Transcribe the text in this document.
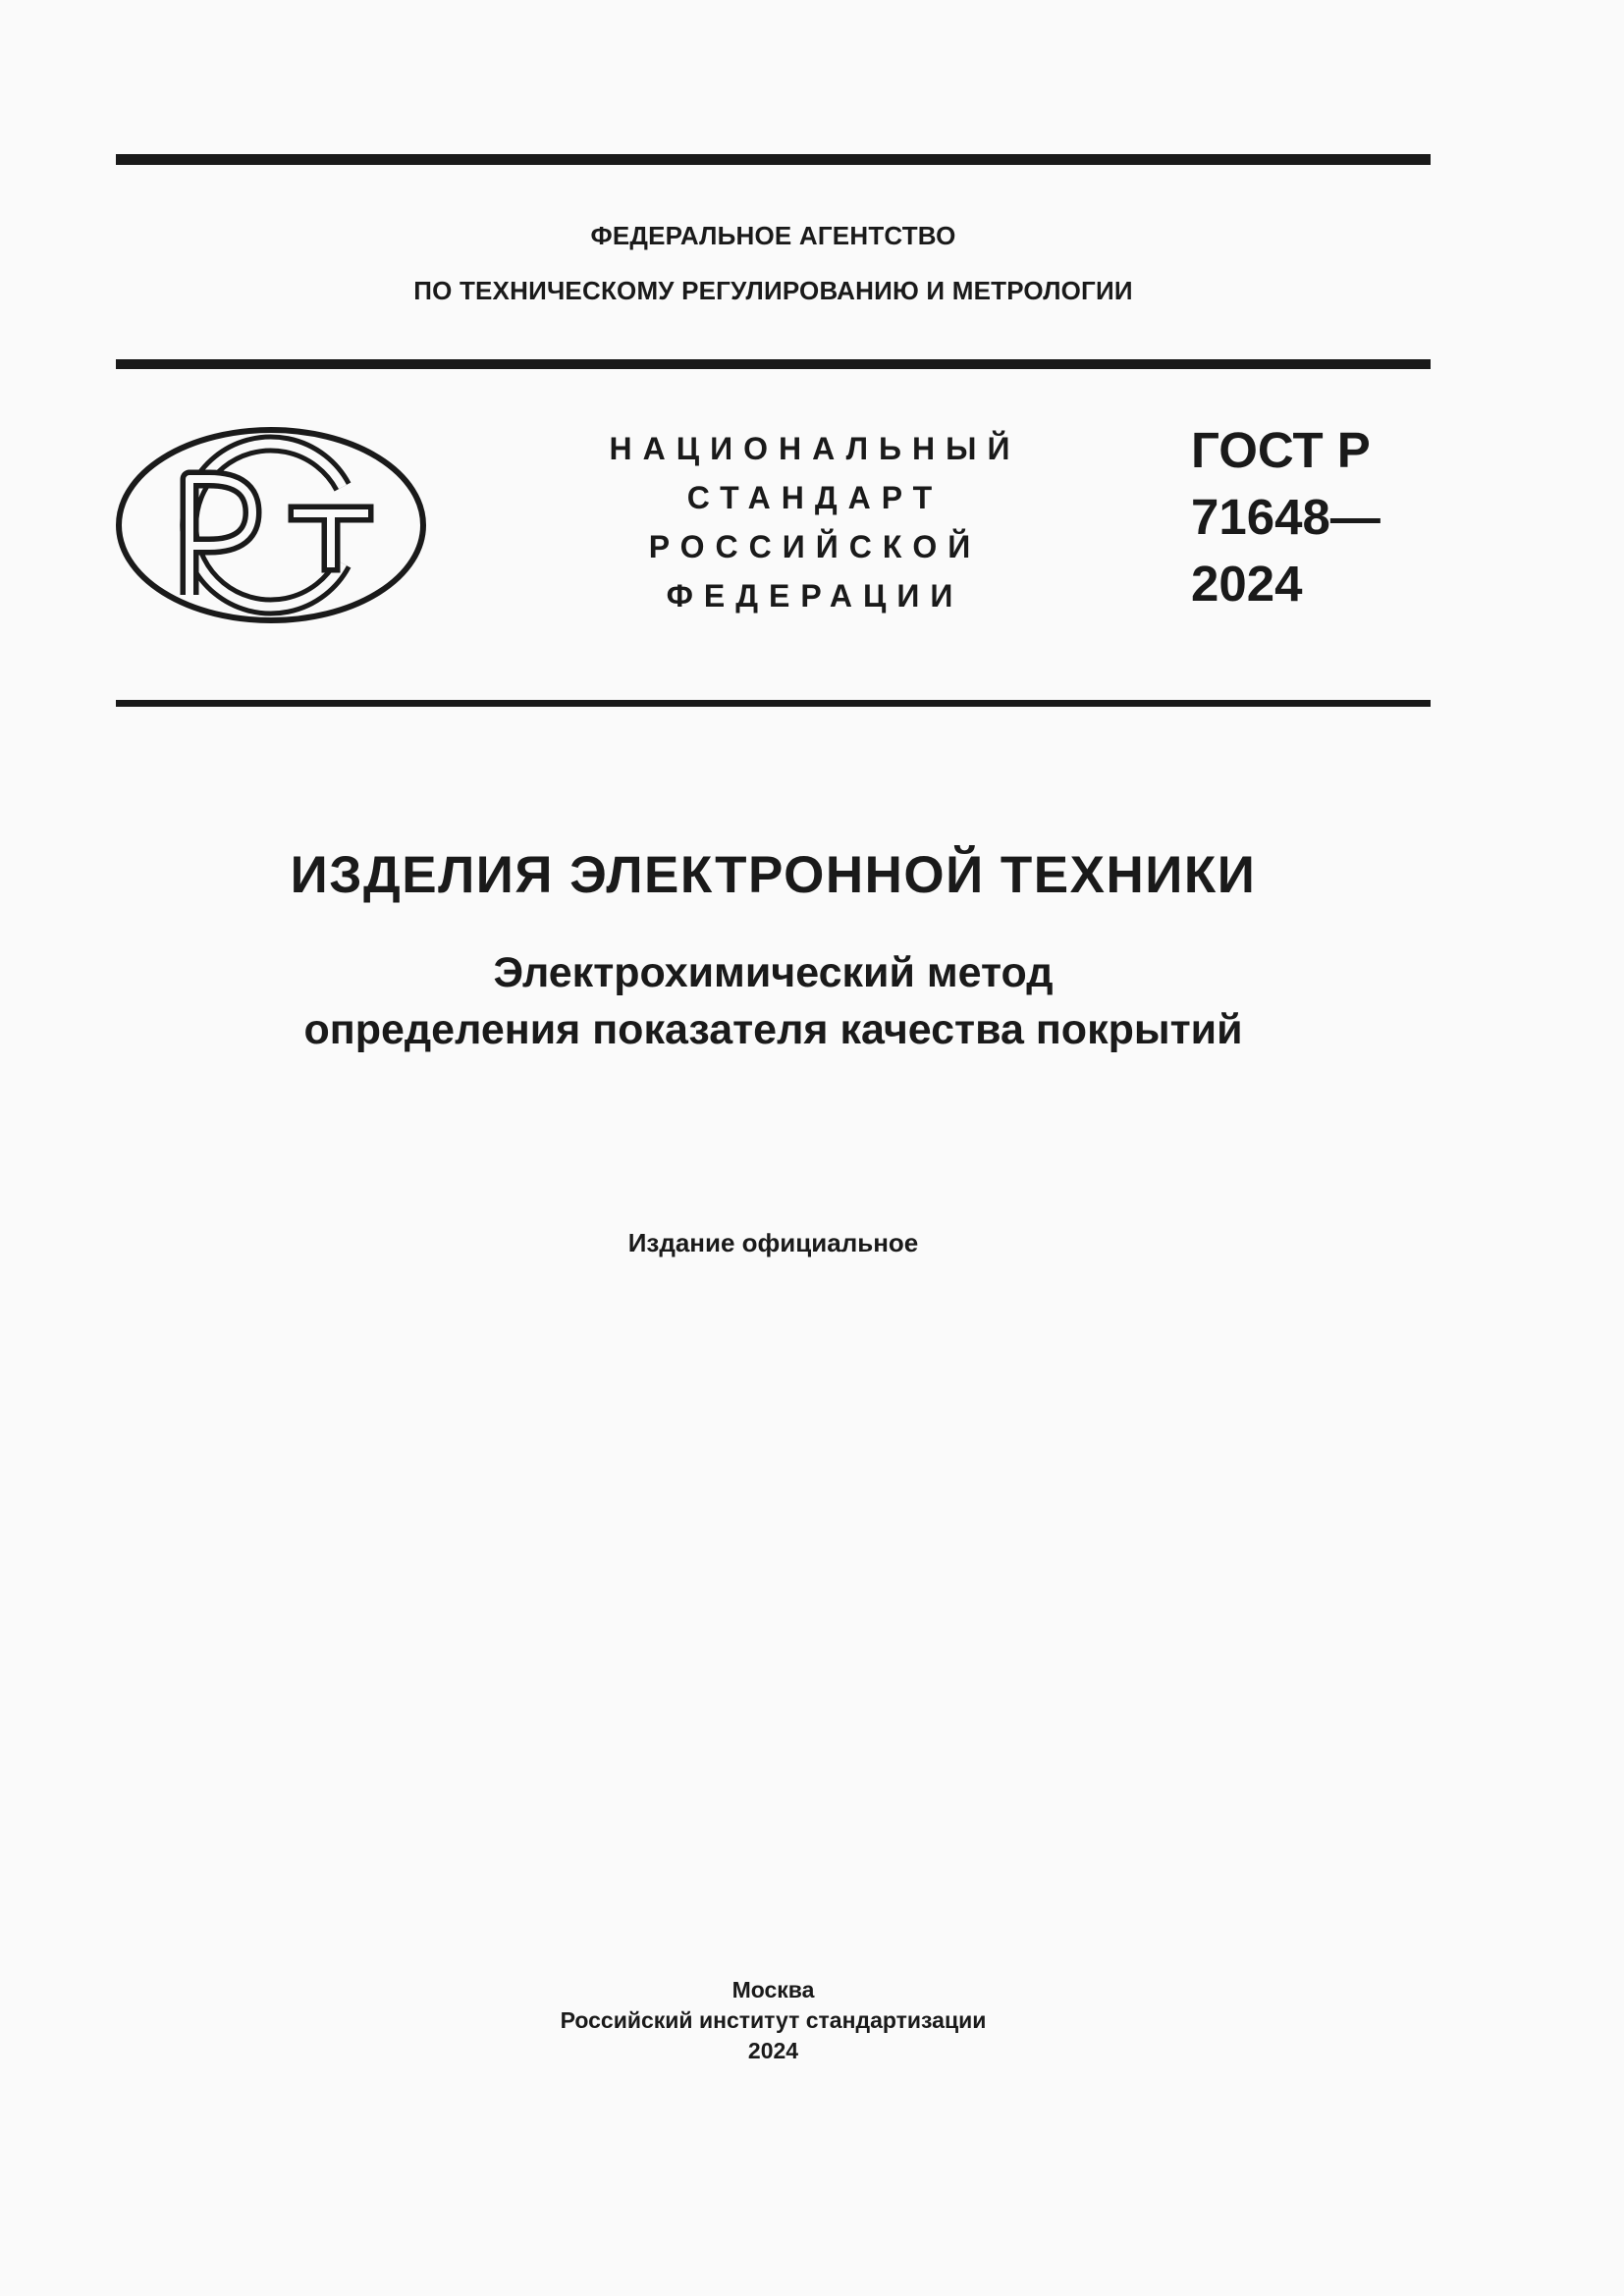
ФЕДЕРАЛЬНОЕ АГЕНТСТВО
ПО ТЕХНИЧЕСКОМУ РЕГУЛИРОВАНИЮ И МЕТРОЛОГИИ
НАЦИОНАЛЬНЫЙ
СТАНДАРТ
РОССИЙСКОЙ
ФЕДЕРАЦИИ
ГОСТ Р
71648—
2024
ИЗДЕЛИЯ ЭЛЕКТРОННОЙ ТЕХНИКИ
Электрохимический метод
определения показателя качества покрытий
Издание официальное
Москва
Российский институт стандартизации
2024
